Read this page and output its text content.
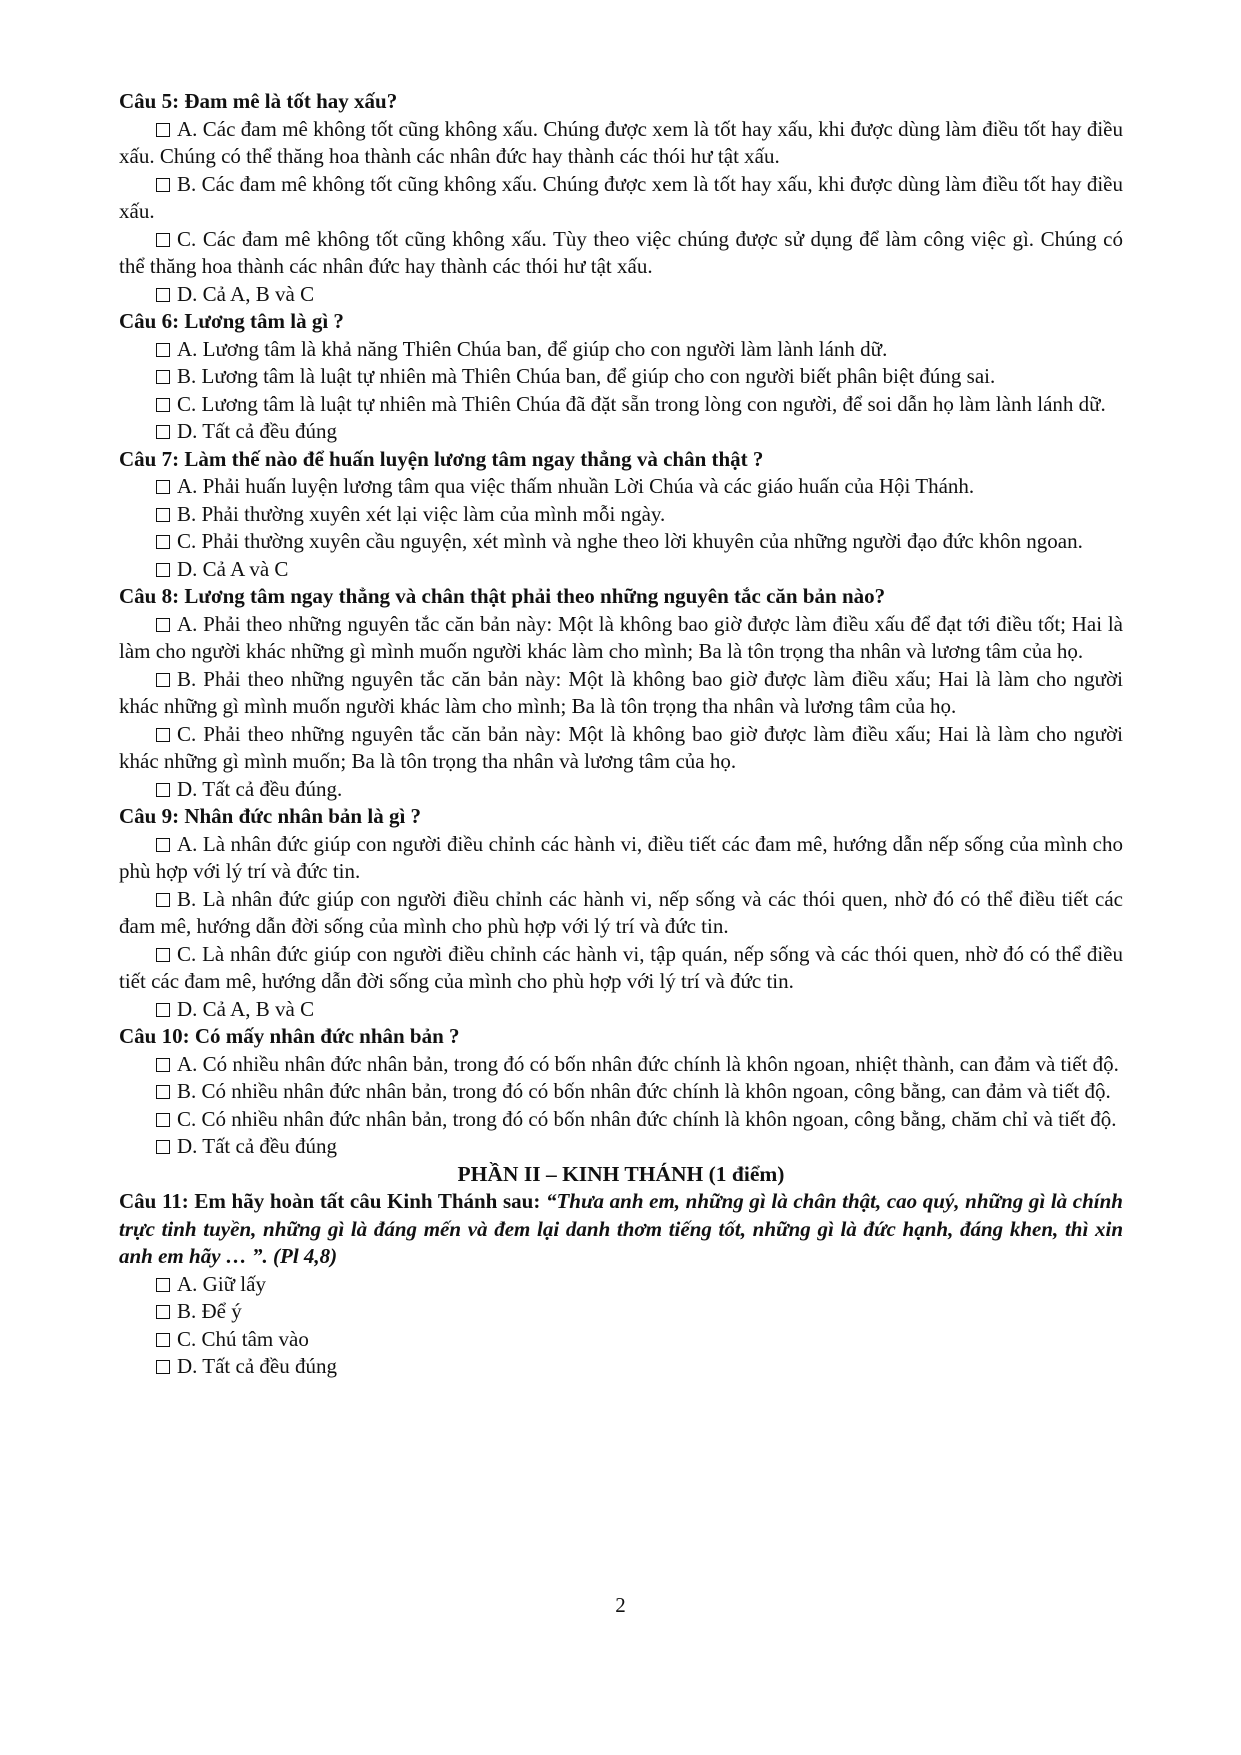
Câu 5: Đam mê là tốt hay xấu?

A. Các đam mê không tốt cũng không xấu. Chúng được xem là tốt hay xấu, khi được dùng làm điều tốt hay điều xấu. Chúng có thể thăng hoa thành các nhân đức hay thành các thói hư tật xấu.

B. Các đam mê không tốt cũng không xấu. Chúng được xem là tốt hay xấu, khi được dùng làm điều tốt hay điều xấu.

C. Các đam mê không tốt cũng không xấu. Tùy theo việc chúng được sử dụng để làm công việc gì. Chúng có thể thăng hoa thành các nhân đức hay thành các thói hư tật xấu.

D. Cả A, B và C

Câu 6: Lương tâm là gì ?

A. Lương tâm là khả năng Thiên Chúa ban, để giúp cho con người làm lành lánh dữ.

B. Lương tâm là luật tự nhiên mà Thiên Chúa ban, để giúp cho con người biết phân biệt đúng sai.

C. Lương tâm là luật tự nhiên mà Thiên Chúa đã đặt sẵn trong lòng con người, để soi dẫn họ làm lành lánh dữ.

D. Tất cả đều đúng

Câu 7: Làm thế nào để huấn luyện lương tâm ngay thẳng và chân thật ?

A. Phải huấn luyện lương tâm qua việc thấm nhuần Lời Chúa và các giáo huấn của Hội Thánh.

B. Phải thường xuyên xét lại việc làm của mình mỗi ngày.

C. Phải thường xuyên cầu nguyện, xét mình và nghe theo lời khuyên của những người đạo đức khôn ngoan.

D. Cả A và C

Câu 8: Lương tâm ngay thẳng và chân thật phải theo những nguyên tắc căn bản nào?

A. Phải theo những nguyên tắc căn bản này: Một là không bao giờ được làm điều xấu để đạt tới điều tốt; Hai là làm cho người khác những gì mình muốn người khác làm cho mình; Ba là tôn trọng tha nhân và lương tâm của họ.

B. Phải theo những nguyên tắc căn bản này: Một là không bao giờ được làm điều xấu; Hai là làm cho người khác những gì mình muốn người khác làm cho mình; Ba là tôn trọng tha nhân và lương tâm của họ.

C. Phải theo những nguyên tắc căn bản này: Một là không bao giờ được làm điều xấu; Hai là làm cho người khác những gì mình muốn; Ba là tôn trọng tha nhân và lương tâm của họ.

D. Tất cả đều đúng.

Câu 9: Nhân đức nhân bản là gì ?

A. Là nhân đức giúp con người điều chỉnh các hành vi, điều tiết các đam mê, hướng dẫn nếp sống của mình cho phù hợp với lý trí và đức tin.

B. Là nhân đức giúp con người điều chỉnh các hành vi, nếp sống và các thói quen, nhờ đó có thể điều tiết các đam mê, hướng dẫn đời sống của mình cho phù hợp với lý trí và đức tin.

C. Là nhân đức giúp con người điều chỉnh các hành vi, tập quán, nếp sống và các thói quen, nhờ đó có thể điều tiết các đam mê, hướng dẫn đời sống của mình cho phù hợp với lý trí và đức tin.

D. Cả A, B và C

Câu 10: Có mấy nhân đức nhân bản ?

A. Có nhiều nhân đức nhân bản, trong đó có bốn nhân đức chính là khôn ngoan, nhiệt thành, can đảm và tiết độ.

B. Có nhiều nhân đức nhân bản, trong đó có bốn nhân đức chính là khôn ngoan, công bằng, can đảm và tiết độ.

C. Có nhiều nhân đức nhân bản, trong đó có bốn nhân đức chính là khôn ngoan, công bằng, chăm chỉ và tiết độ.

D. Tất cả đều đúng

PHẦN II – KINH THÁNH (1 điểm)

Câu 11: Em hãy hoàn tất câu Kinh Thánh sau: “Thưa anh em, những gì là chân thật, cao quý, những gì là chính trực tinh tuyền, những gì là đáng mến và đem lại danh thơm tiếng tốt, những gì là đức hạnh, đáng khen, thì xin anh em hãy … ”. (Pl 4,8)

A. Giữ lấy

B. Để ý

C. Chú tâm vào

D. Tất cả đều đúng

2
